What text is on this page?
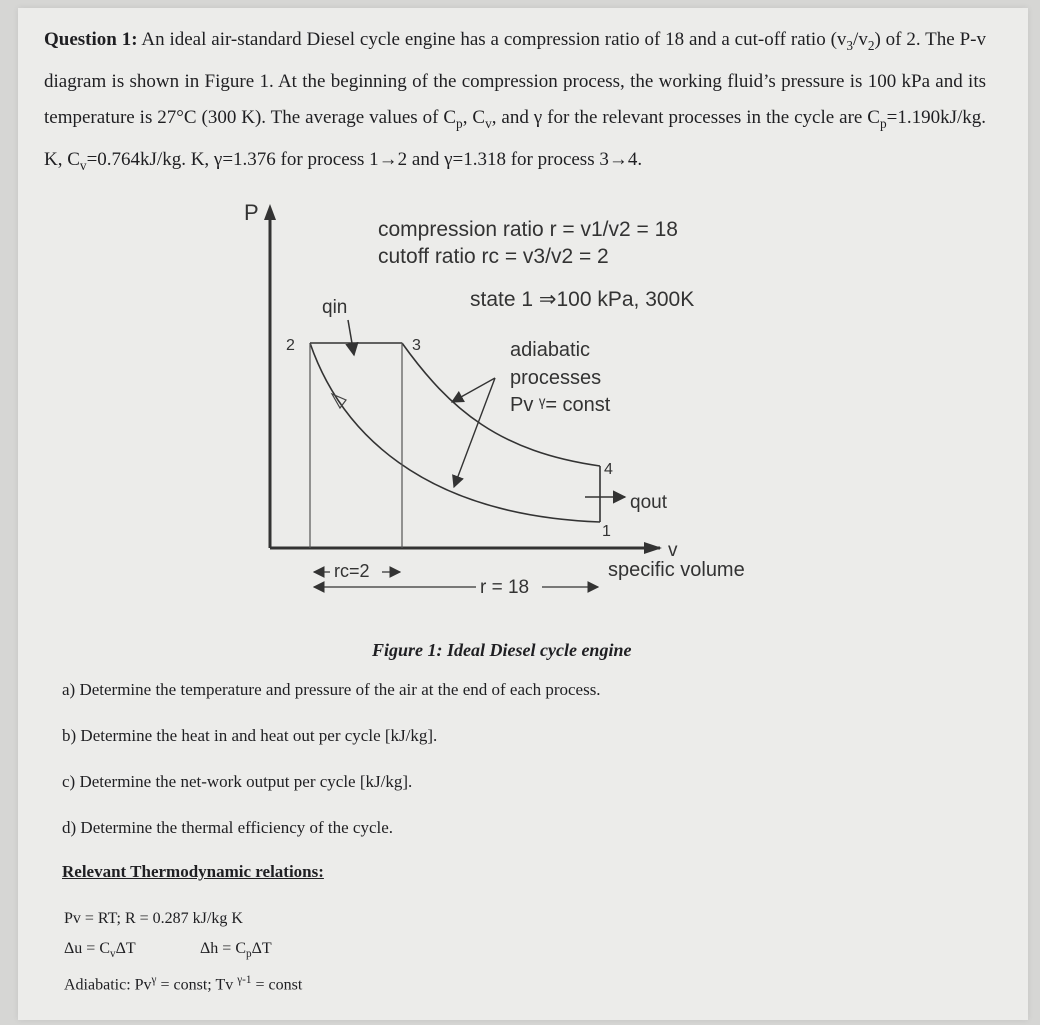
Question 1: An ideal air-standard Diesel cycle engine has a compression ratio of 18 and a cut-off ratio $(v_3/v_2)$ of 2. The P-v diagram is shown in Figure 1. At the beginning of the compression process, the working fluid’s pressure is 100 kPa and its temperature is 27°C (300 K). The average values of $C_p$, $C_v$, and γ for the relevant processes in the cycle are $C_p=1.190kJ/kg$. K, $C_v=0.764kJ/kg$. K, γ=1.376 for process 1→2 and γ=1.318 for process 3→4.
P
compression ratio r = v1/v2 = 18
cutoff ratio rc = v3/v2 = 2
state 1 ⇒100 kPa, 300K
qin
2	3	adiabatic
processes
Pv ᵞ= const
4
1
qout
v
specific volume
rc=2
r = 18
Figure 1: Ideal Diesel cycle engine
a) Determine the temperature and pressure of the air at the end of each process.
b) Determine the heat in and heat out per cycle [kJ/kg].
c) Determine the net-work output per cycle [kJ/kg].
d) Determine the thermal efficiency of the cycle.
Relevant Thermodynamic relations:
Pv = RT; R = 0.287 kJ/kg K
$\Delta u = C_v\Delta T$	$\Delta h = C_p\Delta T$
Adiabatic: $Pv^\gamma$ = const; Tv $^{\gamma-1}$ = const
